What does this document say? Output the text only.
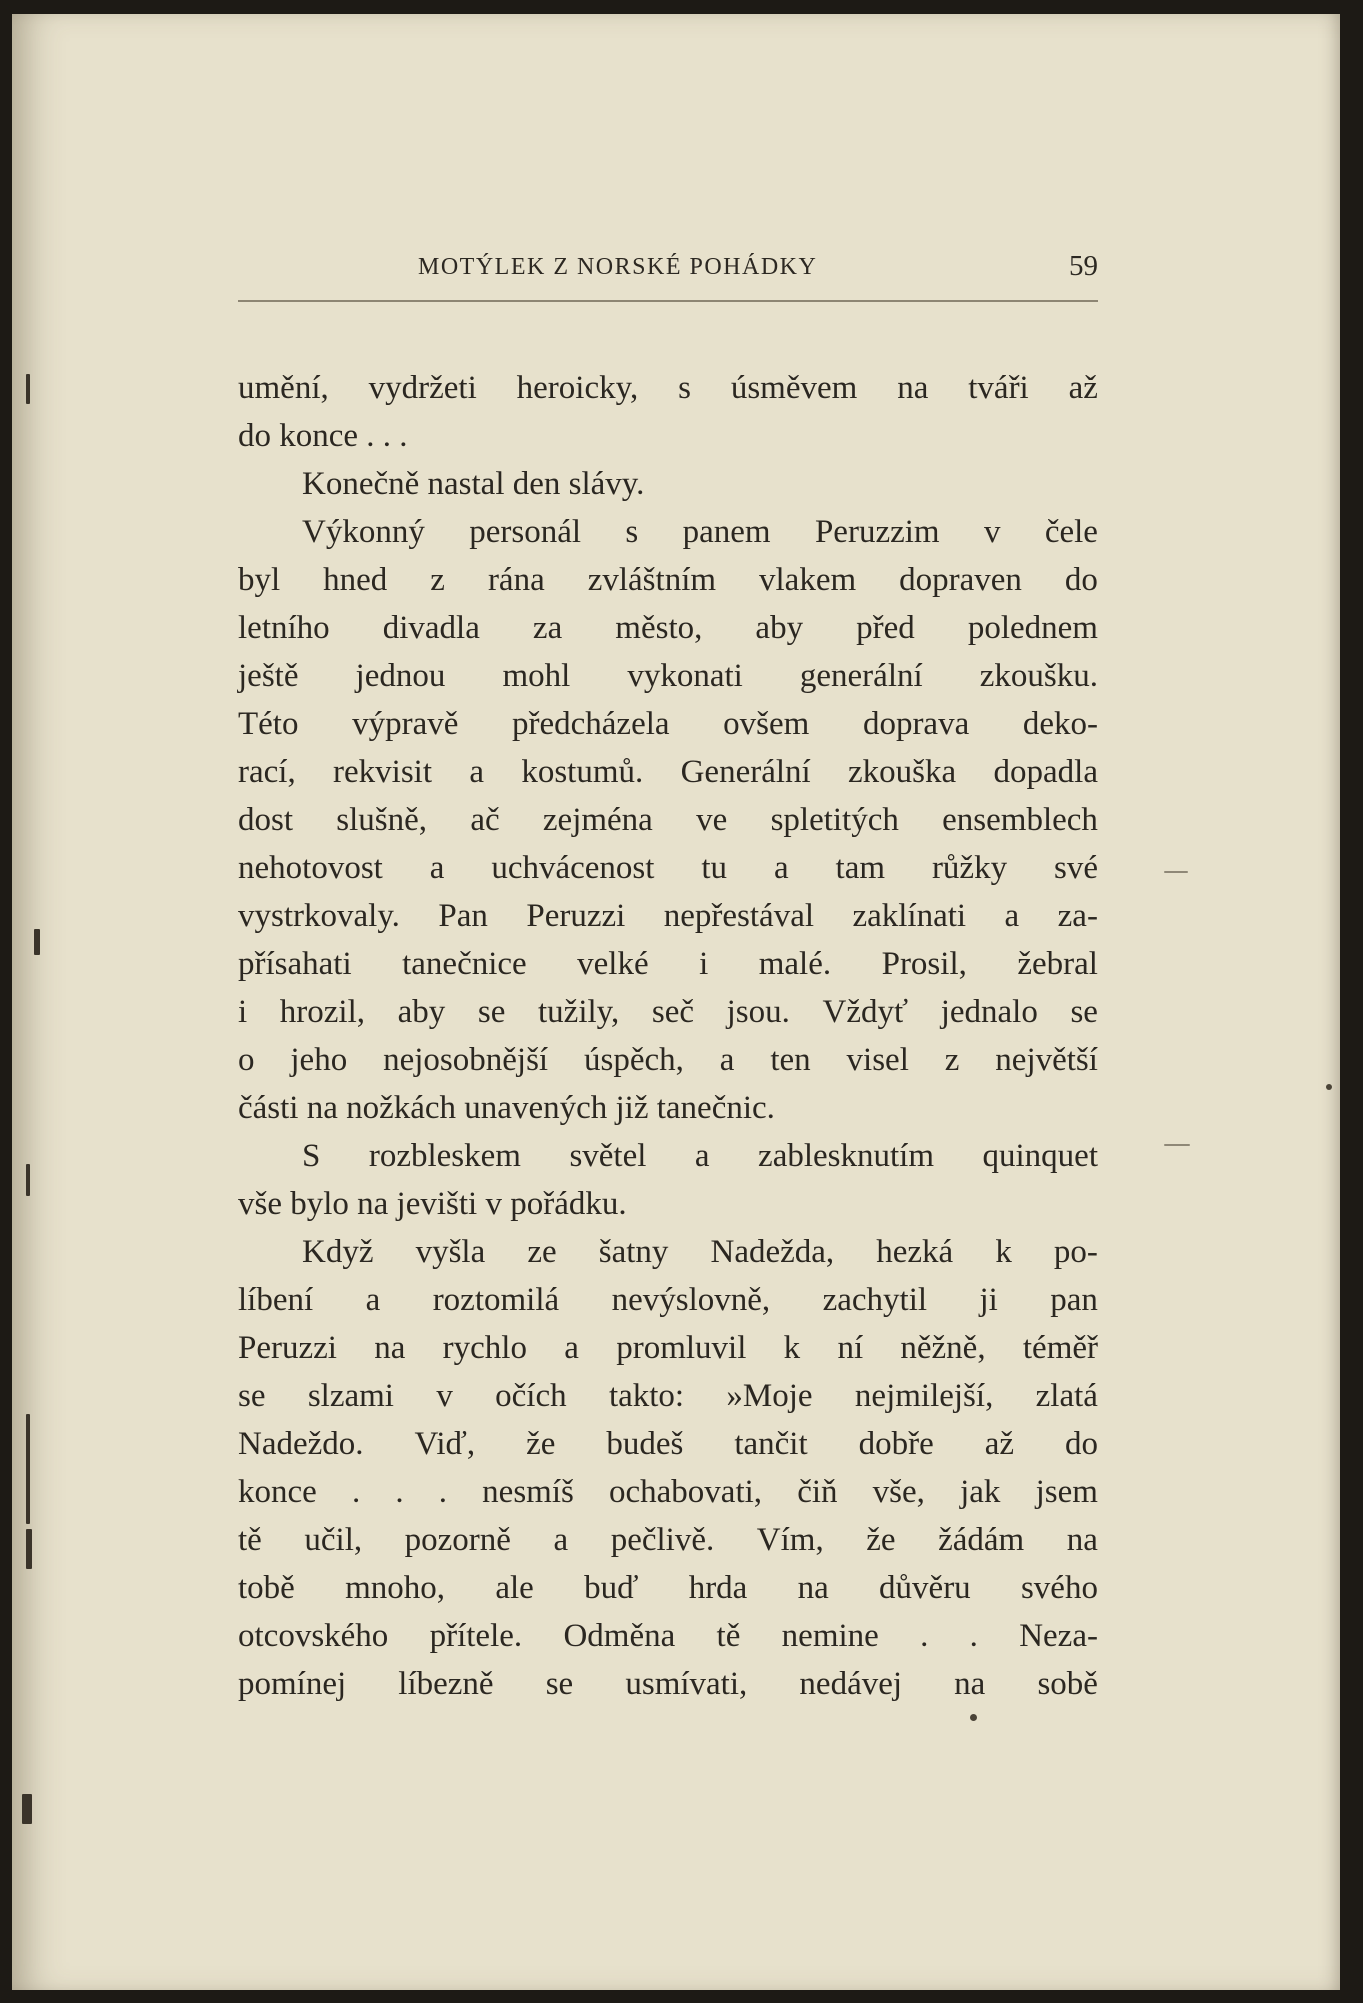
MOTÝLEK Z NORSKÉ POHÁDKY	59
umění, vydržeti heroicky, s úsměvem na tváři až
do konce . . .
Konečně nastal den slávy.
Výkonný personál s panem Peruzzim v čele
byl hned z rána zvláštním vlakem dopraven do
letního divadla za město, aby před polednem
ještě jednou mohl vykonati generální zkoušku.
Této výpravě předcházela ovšem doprava deko-
rací, rekvisit a kostumů. Generální zkouška dopadla
dost slušně, ač zejména ve spletitých ensemblech
nehotovost a uchvácenost tu a tam růžky své
vystrkovaly. Pan Peruzzi nepřestával zaklínati a za-
přísahati tanečnice velké i malé. Prosil, žebral
i hrozil, aby se tužily, seč jsou. Vždyť jednalo se
o jeho nejosobnější úspěch, a ten visel z největší
části na nožkách unavených již tanečnic.
S rozbleskem světel a zablesknutím quinquet
vše bylo na jevišti v pořádku.
Když vyšla ze šatny Nadežda, hezká k po-
líbení a roztomilá nevýslovně, zachytil ji pan
Peruzzi na rychlo a promluvil k ní něžně, téměř
se slzami v očích takto: »Moje nejmilejší, zlatá
Nadeždo. Viď, že budeš tančit dobře až do
konce . . . nesmíš ochabovati, čiň vše, jak jsem
tě učil, pozorně a pečlivě. Vím, že žádám na
tobě mnoho, ale buď hrda na důvěru svého
otcovského přítele. Odměna tě nemine . . Neza-
pomínej líbezně se usmívati, nedávej na sobě
